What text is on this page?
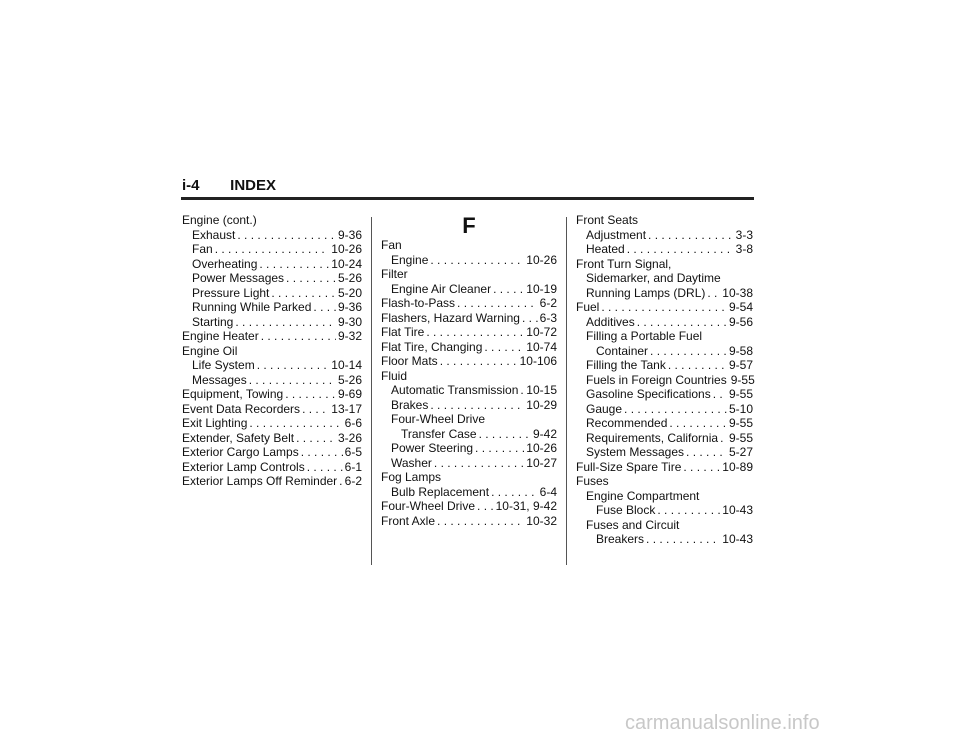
i-4 INDEX
Engine (cont.)
Exhaust . . .	9-36
Fan . . .	10-26
Overheating . . .	10-24
Power Messages . . .	5-26
Pressure Light . . .	5-20
Running While Parked . . . 9-36
Starting . . .	9-30
Engine Heater . . .	9-32
Engine Oil
Life System . . .	10-14
Messages . . .	5-26
Equipment, Towing . . .	9-69
Event Data Recorders . . .	13-17
Exit Lighting . . .	6-6
Extender, Safety Belt . . .	3-26
Exterior Cargo Lamps . . .	6-5
Exterior Lamp Controls . . .	6-1
Exterior Lamps Off Reminder . . . 6-2
F
Fan
Engine . . .	10-26
Filter
Engine Air Cleaner . . .	10-19
Flash-to-Pass . . .	6-2
Flashers, Hazard Warning . . . 6-3
Flat Tire . . .	10-72
Flat Tire, Changing . . .	10-74
Floor Mats . . .	10-106
Fluid
Automatic Transmission . . . 10-15
Brakes . . .	10-29
Four-Wheel Drive
Transfer Case . . .	9-42
Power Steering . . .	10-26
Washer . . .	10-27
Fog Lamps
Bulb Replacement . . .	6-4
Four-Wheel Drive . . . 10-31, 9-42
Front Axle . . .	10-32
Front Seats
Adjustment . . .	3-3
Heated . . .	3-8
Front Turn Signal,
Sidemarker, and Daytime
Running Lamps (DRL) . . . 10-38
Fuel . . .	9-54
Additives . . .	9-56
Filling a Portable Fuel
Container . . .	9-58
Filling the Tank . . .	9-57
Fuels in Foreign Countries 9-55
Gasoline Specifications . . . 9-55
Gauge . . .	5-10
Recommended . . .	9-55
Requirements, California . . . 9-55
System Messages . . .	5-27
Full-Size Spare Tire . . .	10-89
Fuses
Engine Compartment
Fuse Block . . .	10-43
Fuses and Circuit
Breakers . . .	10-43
carmanualsonline.info
